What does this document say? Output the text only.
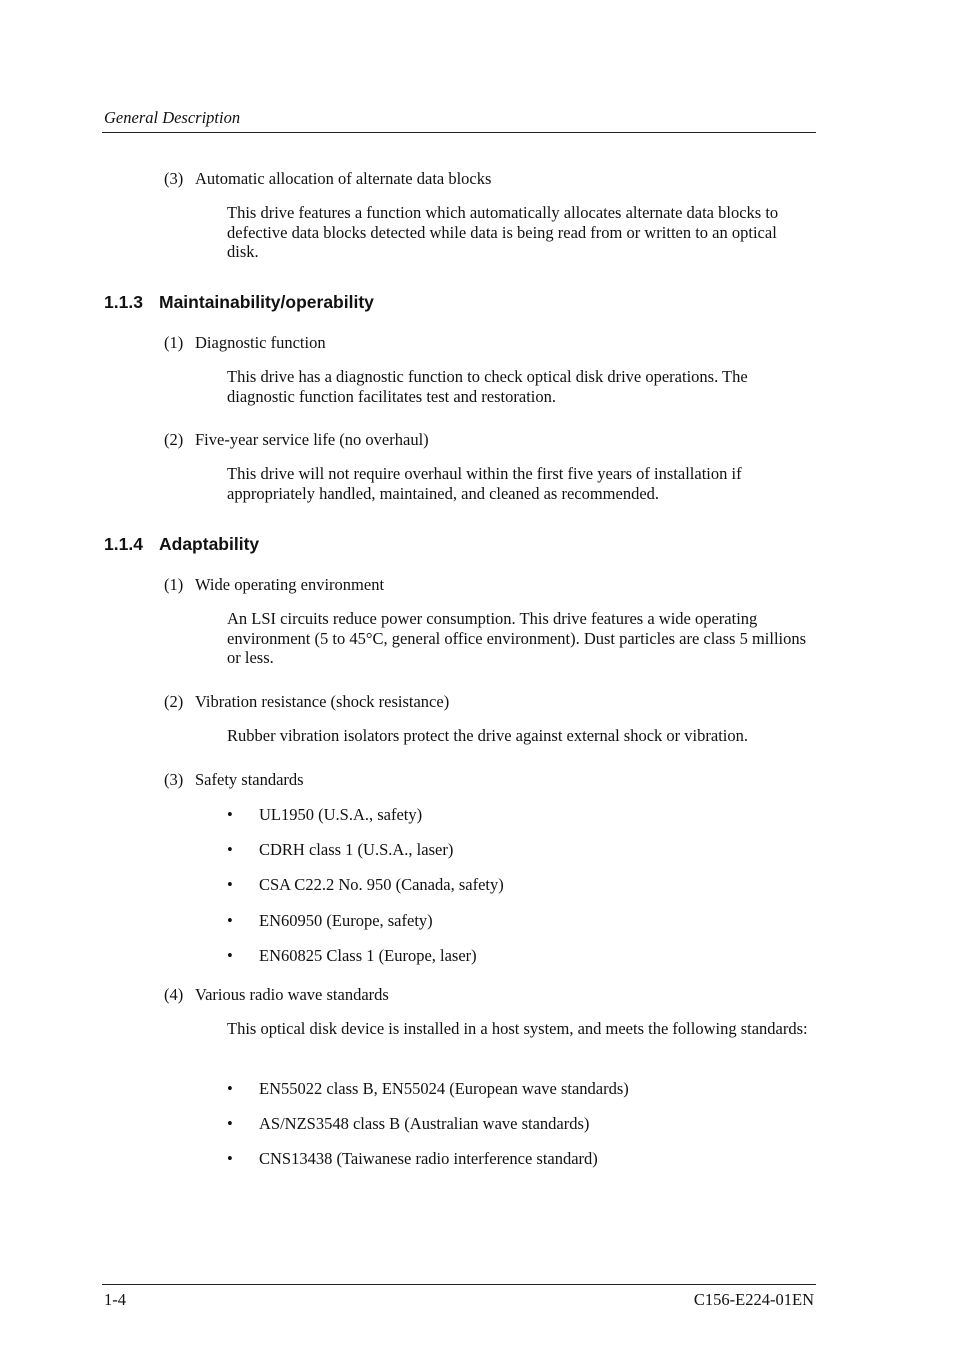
General Description
(3) Automatic allocation of alternate data blocks
This drive features a function which automatically allocates alternate data blocks to defective data blocks detected while data is being read from or written to an optical disk.
1.1.3 Maintainability/operability
(1) Diagnostic function
This drive has a diagnostic function to check optical disk drive operations. The diagnostic function facilitates test and restoration.
(2) Five-year service life (no overhaul)
This drive will not require overhaul within the first five years of installation if appropriately handled, maintained, and cleaned as recommended.
1.1.4 Adaptability
(1) Wide operating environment
An LSI circuits reduce power consumption. This drive features a wide operating environment (5 to 45°C, general office environment). Dust particles are class 5 millions or less.
(2) Vibration resistance (shock resistance)
Rubber vibration isolators protect the drive against external shock or vibration.
(3) Safety standards
• UL1950 (U.S.A., safety)
• CDRH class 1 (U.S.A., laser)
• CSA C22.2 No. 950 (Canada, safety)
• EN60950 (Europe, safety)
• EN60825 Class 1 (Europe, laser)
(4) Various radio wave standards
This optical disk device is installed in a host system, and meets the following standards:
• EN55022 class B, EN55024 (European wave standards)
• AS/NZS3548 class B (Australian wave standards)
• CNS13438 (Taiwanese radio interference standard)
1-4	C156-E224-01EN
